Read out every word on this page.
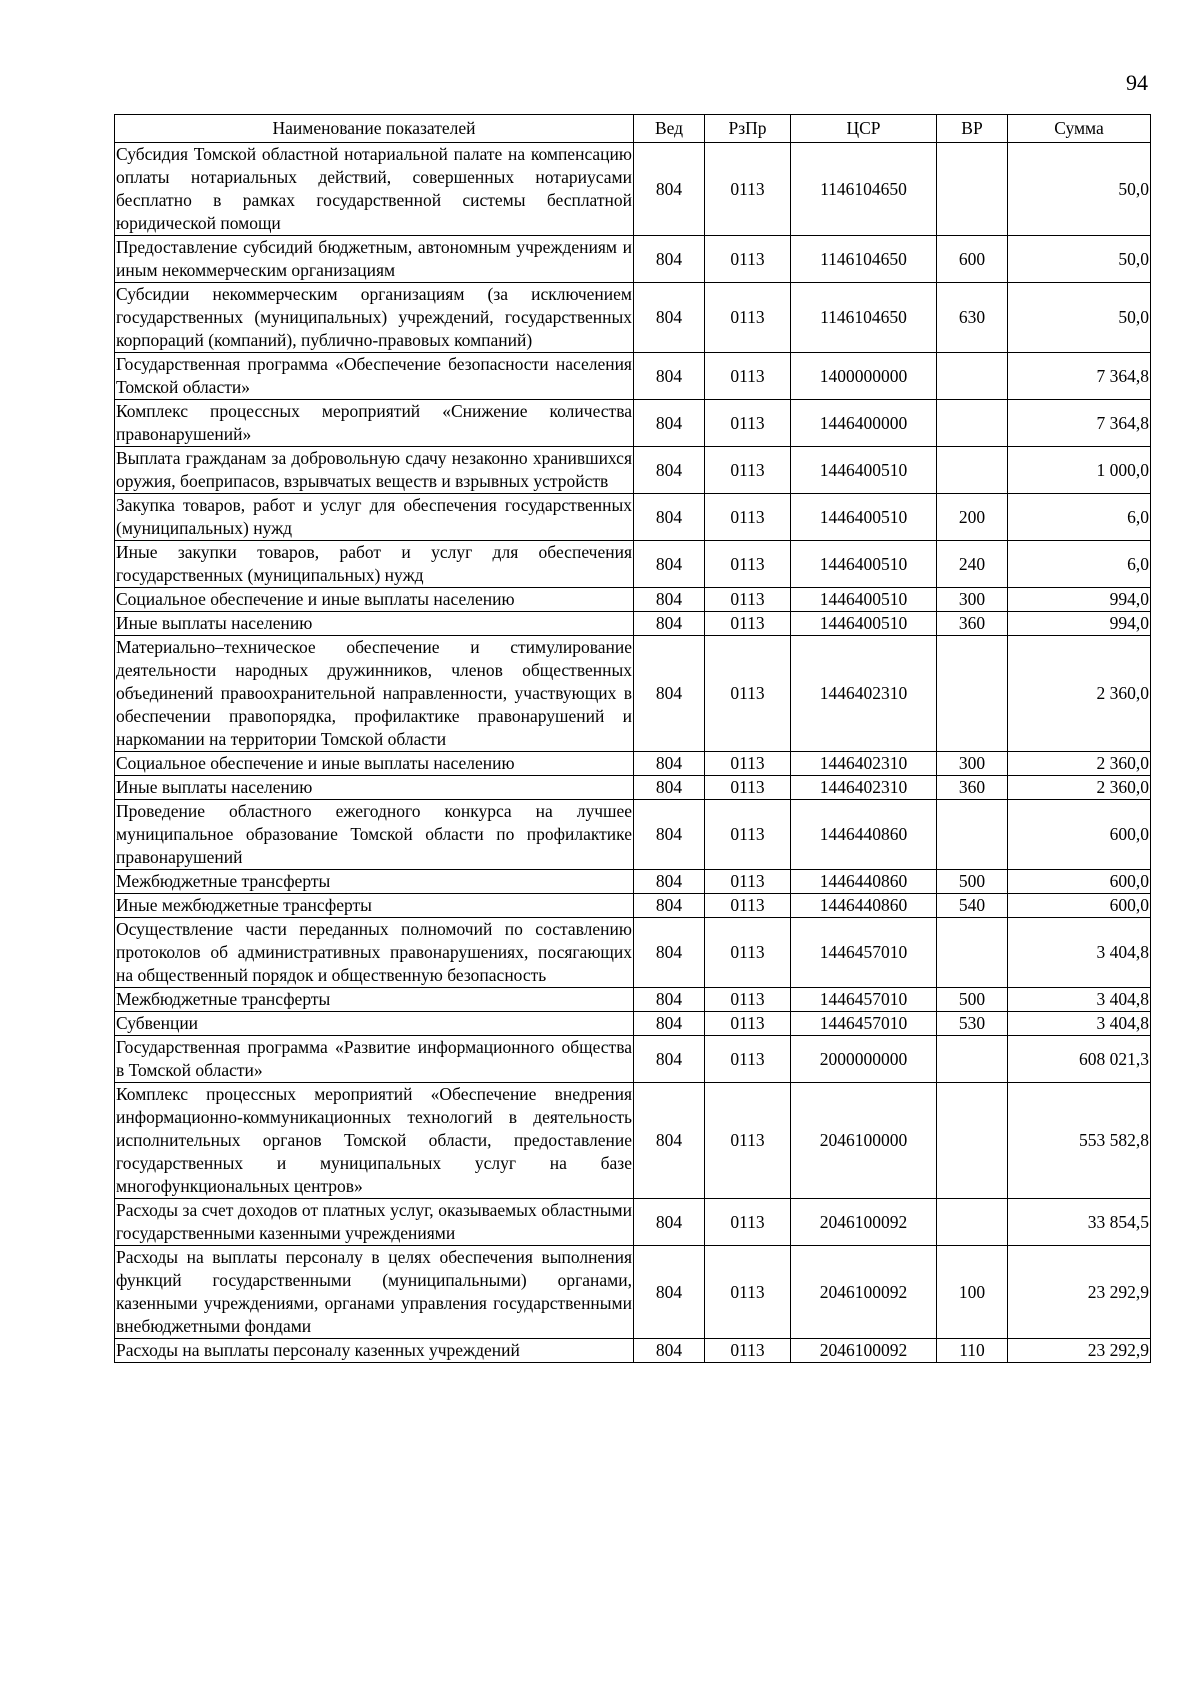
94
Наименование показателей	Вед	РзПр	ЦСР	ВР	Сумма
Субсидия Томской областной нотариальной палате на компенсацию оплаты нотариальных действий, совершенных нотариусами бесплатно в рамках государственной системы бесплатной юридической помощи	804	0113	1146104650		50,0
Предоставление субсидий бюджетным, автономным учреждениям и иным некоммерческим организациям	804	0113	1146104650	600	50,0
Субсидии некоммерческим организациям (за исключением государственных (муниципальных) учреждений, государственных корпораций (компаний), публично-правовых компаний)	804	0113	1146104650	630	50,0
Государственная программа «Обеспечение безопасности населения Томской области»	804	0113	1400000000		7 364,8
Комплекс процессных мероприятий «Снижение количества правонарушений»	804	0113	1446400000		7 364,8
Выплата гражданам за добровольную сдачу незаконно хранившихся оружия, боеприпасов, взрывчатых веществ и взрывных устройств	804	0113	1446400510		1 000,0
Закупка товаров, работ и услуг для обеспечения государственных (муниципальных) нужд	804	0113	1446400510	200	6,0
Иные закупки товаров, работ и услуг для обеспечения государственных (муниципальных) нужд	804	0113	1446400510	240	6,0
Социальное обеспечение и иные выплаты населению	804	0113	1446400510	300	994,0
Иные выплаты населению	804	0113	1446400510	360	994,0
Материально–техническое обеспечение и стимулирование деятельности народных дружинников, членов общественных объединений правоохранительной направленности, участвующих в обеспечении правопорядка, профилактике правонарушений и наркомании на территории Томской области	804	0113	1446402310		2 360,0
Социальное обеспечение и иные выплаты населению	804	0113	1446402310	300	2 360,0
Иные выплаты населению	804	0113	1446402310	360	2 360,0
Проведение областного ежегодного конкурса на лучшее муниципальное образование Томской области по профилактике правонарушений	804	0113	1446440860		600,0
Межбюджетные трансферты	804	0113	1446440860	500	600,0
Иные межбюджетные трансферты	804	0113	1446440860	540	600,0
Осуществление части переданных полномочий по составлению протоколов об административных правонарушениях, посягающих на общественный порядок и общественную безопасность	804	0113	1446457010		3 404,8
Межбюджетные трансферты	804	0113	1446457010	500	3 404,8
Субвенции	804	0113	1446457010	530	3 404,8
Государственная программа «Развитие информационного общества в Томской области»	804	0113	2000000000		608 021,3
Комплекс процессных мероприятий «Обеспечение внедрения информационно-коммуникационных технологий в деятельность исполнительных органов Томской области, предоставление государственных и муниципальных услуг на базе многофункциональных центров»	804	0113	2046100000		553 582,8
Расходы за счет доходов от платных услуг, оказываемых областными государственными казенными учреждениями	804	0113	2046100092		33 854,5
Расходы на выплаты персоналу в целях обеспечения выполнения функций государственными (муниципальными) органами, казенными учреждениями, органами управления государственными внебюджетными фондами	804	0113	2046100092	100	23 292,9
Расходы на выплаты персоналу казенных учреждений	804	0113	2046100092	110	23 292,9
